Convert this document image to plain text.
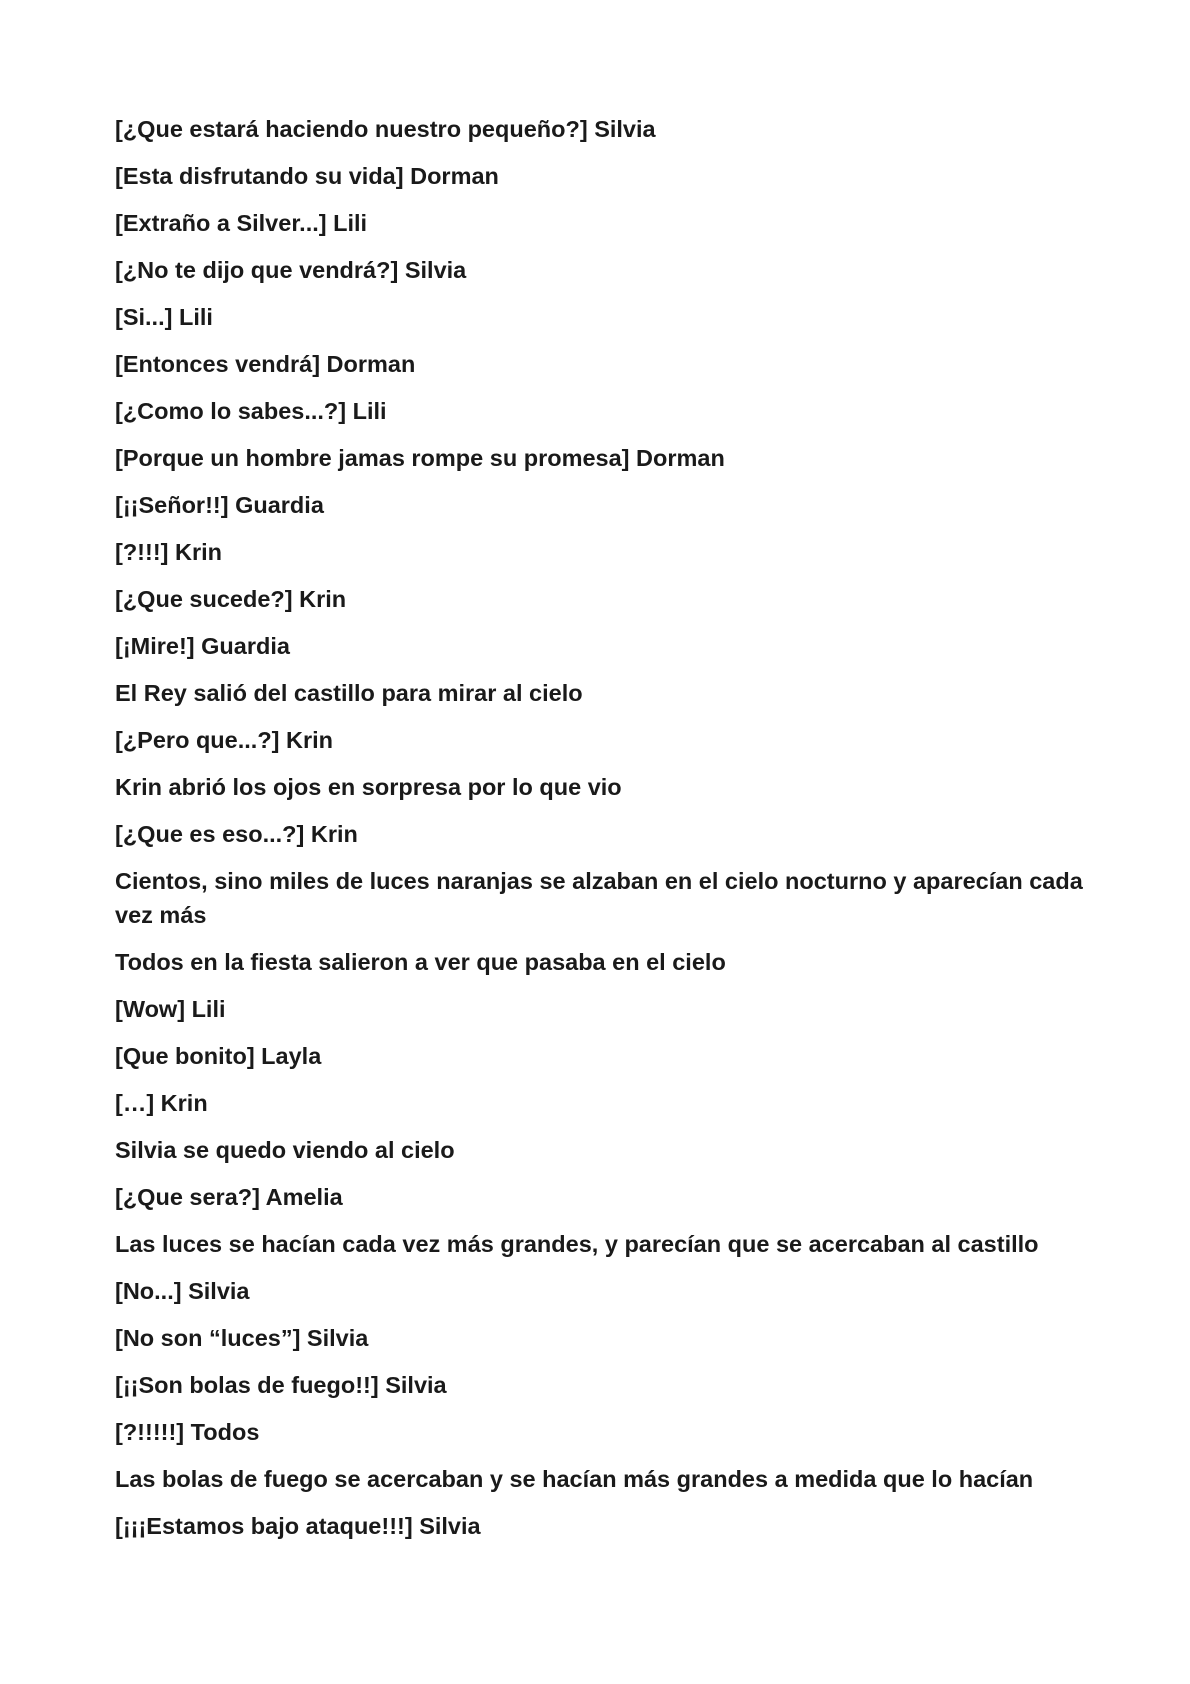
[¿Que estará haciendo nuestro pequeño?] Silvia

[Esta disfrutando su vida] Dorman

[Extraño a Silver...] Lili

[¿No te dijo que vendrá?] Silvia

[Si...] Lili

[Entonces vendrá] Dorman

[¿Como lo sabes...?] Lili

[Porque un hombre jamas rompe su promesa] Dorman

[¡¡Señor!!] Guardia

[?!!!] Krin

[¿Que sucede?] Krin

[¡Mire!] Guardia

El Rey salió del castillo para mirar al cielo

[¿Pero que...?] Krin

Krin abrió los ojos en sorpresa por lo que vio

[¿Que es eso...?] Krin

Cientos, sino miles de luces naranjas se alzaban en el cielo nocturno y aparecían cada vez más

Todos en la fiesta salieron a ver que pasaba en el cielo

[Wow] Lili

[Que bonito] Layla

[…] Krin

Silvia se quedo viendo al cielo

[¿Que sera?] Amelia

Las luces se hacían cada vez más grandes, y parecían que se acercaban al castillo

[No...] Silvia

[No son “luces”] Silvia

[¡¡Son bolas de fuego!!] Silvia

[?!!!!!] Todos

Las bolas de fuego se acercaban y se hacían más grandes a medida que lo hacían

[¡¡¡Estamos bajo ataque!!!] Silvia
